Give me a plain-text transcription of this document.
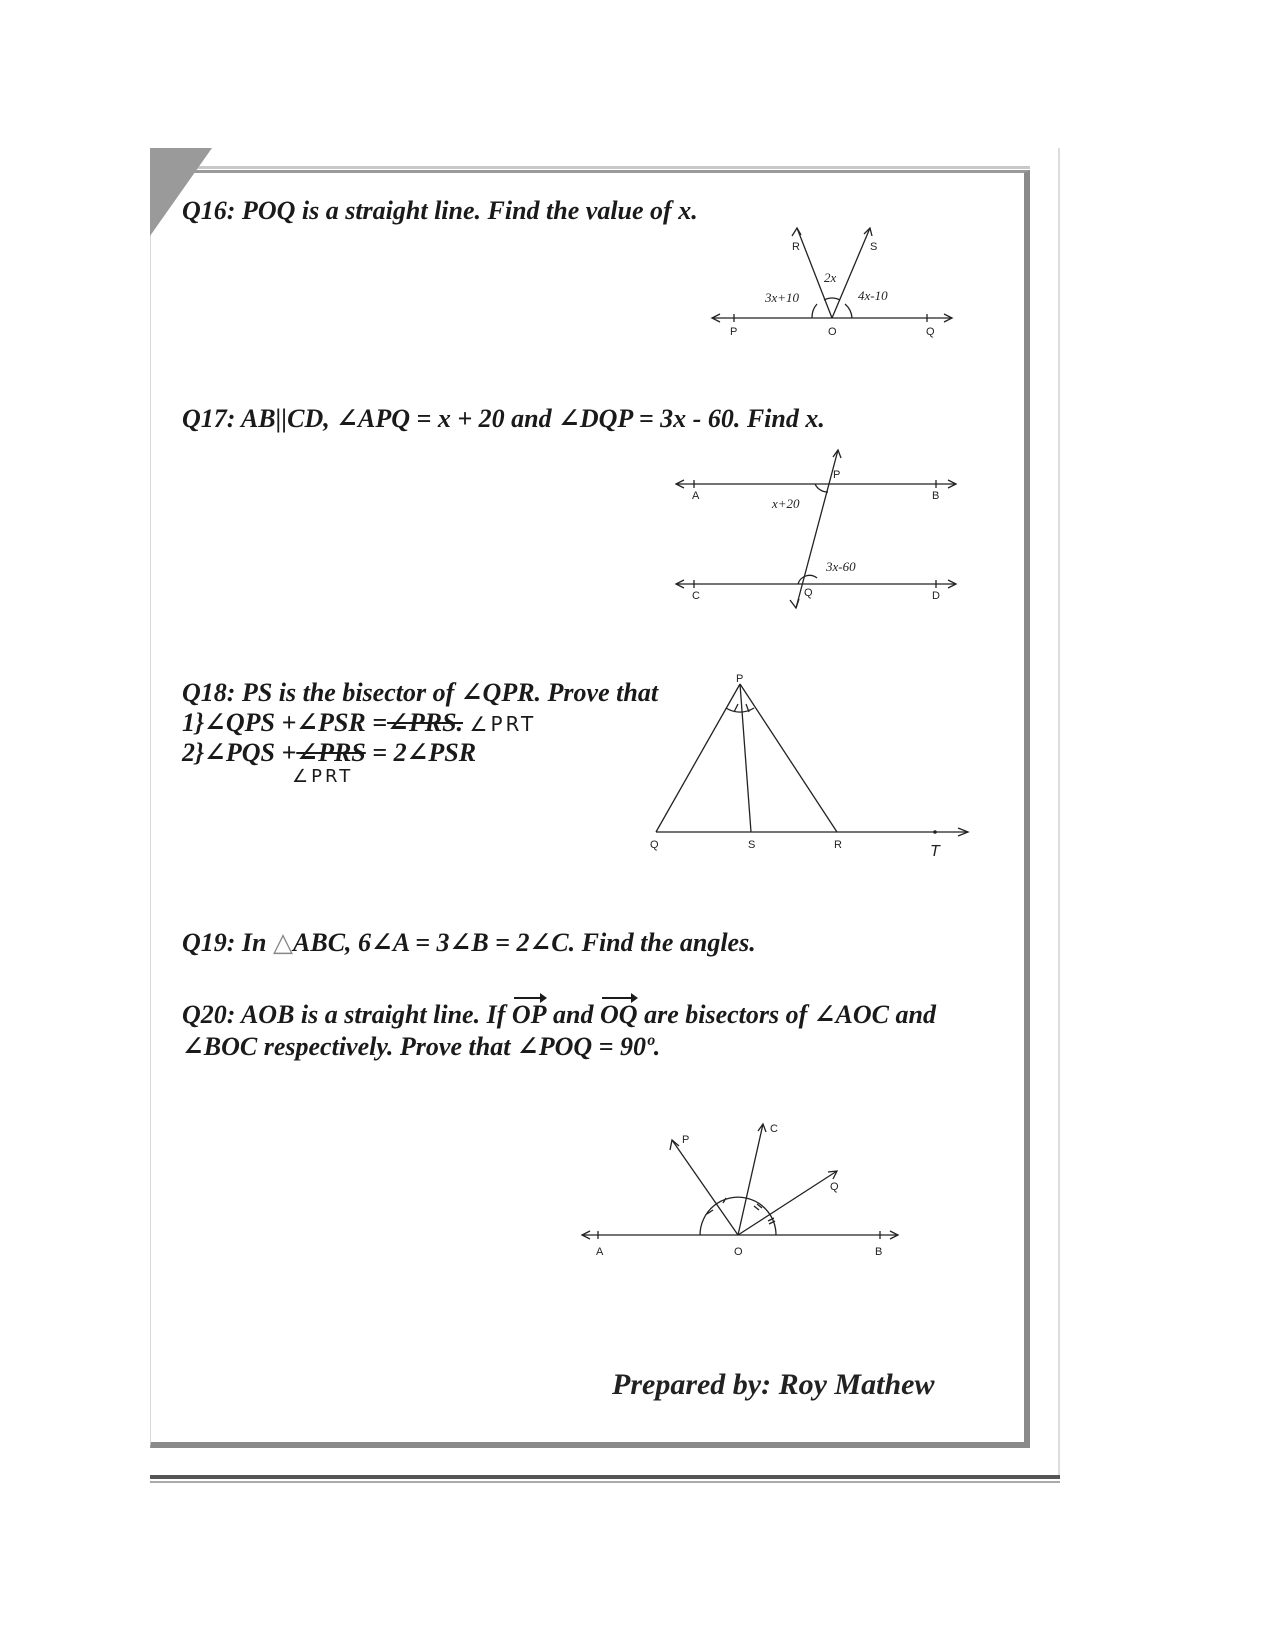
Q16: POQ is a straight line. Find the value of x.
P	O	Q
R	S
3x+10
2x
4x-10
Q17: AB||CD, ∠APQ = x + 20 and ∠DQP = 3x - 60. Find x.
A	B
C	D
P
Q
x+20
3x-60
Q18: PS is the bisector of ∠QPR. Prove that
1}∠QPS +∠PSR =∠PRS. ∠PRT
2}∠PQS +∠PRS = 2∠PSR
∠PRT
P
Q	S	R	T
Q19: In △ABC, 6∠A = 3∠B = 2∠C. Find the angles.
Q20: AOB is a straight line. If OP and OQ are bisectors of ∠AOC and
∠BOC respectively. Prove that ∠POQ = 90º.
A	O	B
P
C
Q
Prepared by: Roy Mathew
